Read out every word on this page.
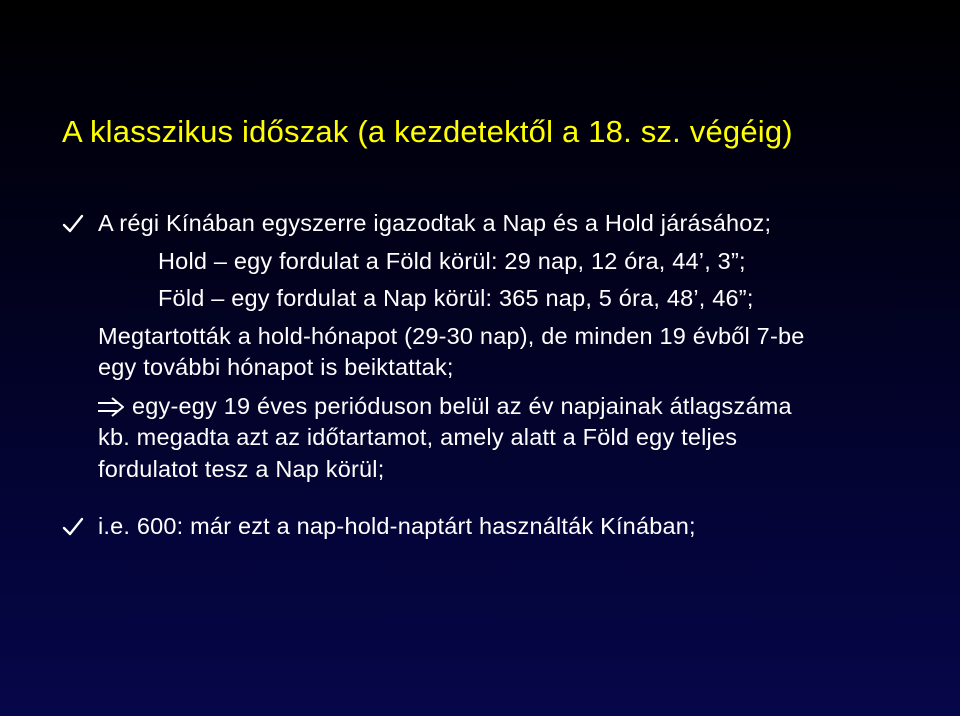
A klasszikus időszak (a kezdetektől a 18. sz. végéig)
A régi Kínában egyszerre igazodtak a Nap és a Hold járásához;
Hold – egy fordulat a Föld körül: 29 nap, 12 óra, 44’, 3”;
Föld – egy fordulat a Nap körül: 365 nap, 5 óra, 48’, 46”;
Megtartották a hold-hónapot (29-30 nap), de minden 19 évből 7-be
egy további hónapot is beiktattak;
egy-egy 19 éves perióduson belül az év napjainak átlagszáma
kb. megadta azt az időtartamot, amely alatt a Föld egy teljes
fordulatot tesz a Nap körül;
i.e. 600: már ezt a nap-hold-naptárt használták Kínában;
